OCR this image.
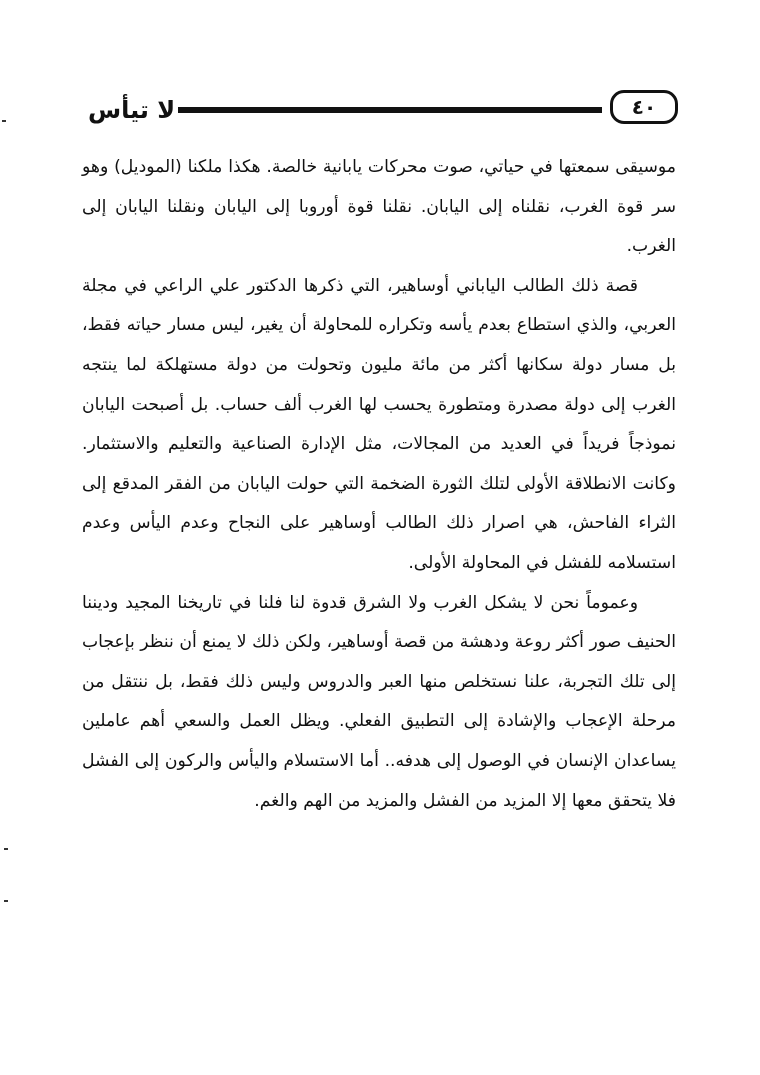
لا تيأس	٤٠

موسيقى سمعتها في حياتي، صوت محركات يابانية خالصة. هكذا ملكنا (الموديل) وهو سر قوة الغرب، نقلناه إلى اليابان. نقلنا قوة أوروبا إلى اليابان ونقلنا اليابان إلى الغرب.

قصة ذلك الطالب الياباني أوساهير، التي ذكرها الدكتور علي الراعي في مجلة العربي، والذي استطاع بعدم يأسه وتكراره للمحاولة أن يغير، ليس مسار حياته فقط، بل مسار دولة سكانها أكثر من مائة مليون وتحولت من دولة مستهلكة لما ينتجه الغرب إلى دولة مصدرة ومتطورة يحسب لها الغرب ألف حساب. بل أصبحت اليابان نموذجاً فريداً في العديد من المجالات، مثل الإدارة الصناعية والتعليم والاستثمار. وكانت الانطلاقة الأولى لتلك الثورة الضخمة التي حولت اليابان من الفقر المدقع إلى الثراء الفاحش، هي اصرار ذلك الطالب أوساهير على النجاح وعدم اليأس وعدم استسلامه للفشل في المحاولة الأولى.

وعموماً نحن لا يشكل الغرب ولا الشرق قدوة لنا فلنا في تاريخنا المجيد وديننا الحنيف صور أكثر روعة ودهشة من قصة أوساهير، ولكن ذلك لا يمنع أن ننظر بإعجاب إلى تلك التجربة، علنا نستخلص منها العبر والدروس وليس ذلك فقط، بل ننتقل من مرحلة الإعجاب والإشادة إلى التطبيق الفعلي. ويظل العمل والسعي أهم عاملين يساعدان الإنسان في الوصول إلى هدفه.. أما الاستسلام واليأس والركون إلى الفشل فلا يتحقق معها إلا المزيد من الفشل والمزيد من الهم والغم.
